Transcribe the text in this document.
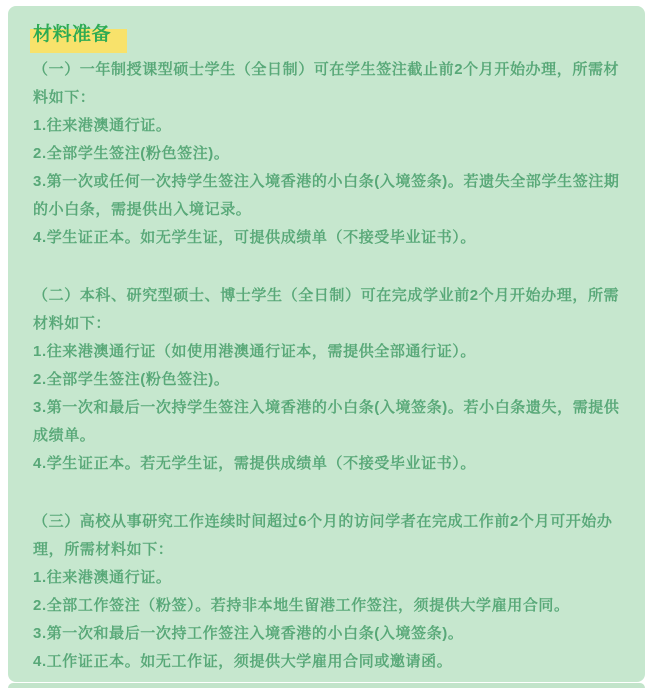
材料准备

（一）一年制授课型硕士学生（全日制）可在学生签注截止前2个月开始办理，所需材料如下：

1.往来港澳通行证。

2.全部学生签注(粉色签注)。

3.第一次或任何一次持学生签注入境香港的小白条(入境签条)。若遗失全部学生签注期的小白条，需提供出入境记录。

4.学生证正本。如无学生证，可提供成绩单（不接受毕业证书）。

（二）本科、研究型硕士、博士学生（全日制）可在完成学业前2个月开始办理，所需材料如下：

1.往来港澳通行证（如使用港澳通行证本，需提供全部通行证）。

2.全部学生签注(粉色签注)。

3.第一次和最后一次持学生签注入境香港的小白条(入境签条)。若小白条遗失，需提供成绩单。

4.学生证正本。若无学生证，需提供成绩单（不接受毕业证书）。

（三）高校从事研究工作连续时间超过6个月的访问学者在完成工作前2个月可开始办理，所需材料如下：

1.往来港澳通行证。

2.全部工作签注（粉签）。若持非本地生留港工作签注，须提供大学雇用合同。

3.第一次和最后一次持工作签注入境香港的小白条(入境签条)。

4.工作证正本。如无工作证，须提供大学雇用合同或邀请函。
